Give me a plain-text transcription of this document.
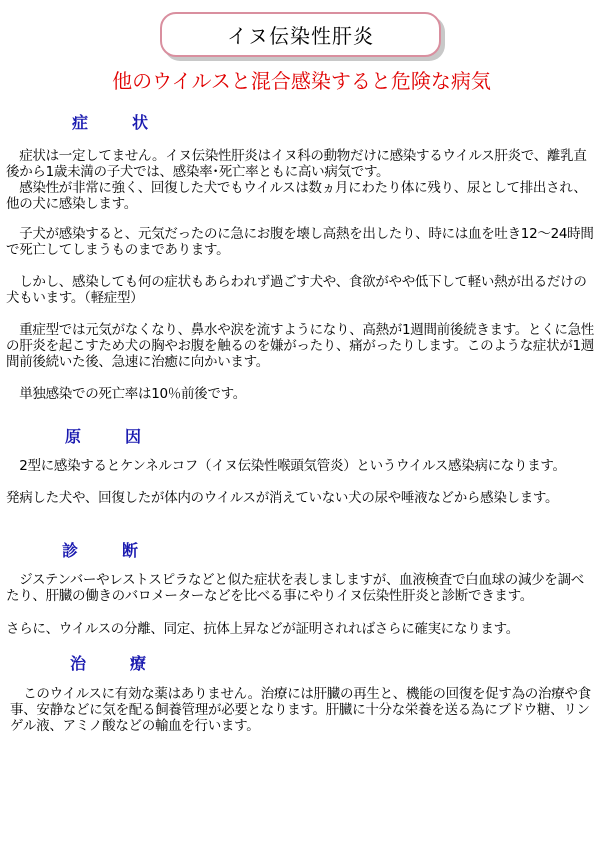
イヌ伝染性肝炎
他のウイルスと混合感染すると危険な病気
症　状

　症状は一定してません。イヌ伝染性肝炎はイヌ科の動物だけに感染するウイルス肝炎で、離乳直後から1歳未満の子犬では、感染率･死亡率ともに高い病気です。

　感染性が非常に強く、回復した犬でもウイルスは数ヵ月にわたり体に残り、尿として排出され、他の犬に感染します。

　子犬が感染すると、元気だったのに急にお腹を壊し高熱を出したり、時には血を吐き12～24時間で死亡してしまうものまであります。

　しかし、感染しても何の症状もあらわれず過ごす犬や、食欲がやや低下して軽い熱が出るだけの犬もいます。（軽症型）

　重症型では元気がなくなり、鼻水や涙を流すようになり、高熱が1週間前後続きます。とくに急性の肝炎を起こすため犬の胸やお腹を触るのを嫌がったり、痛がったりします。このような症状が1週間前後続いた後、急速に治癒に向かいます。

　単独感染での死亡率は10％前後です。

原　因

　2型に感染するとケンネルコフ（イヌ伝染性喉頭気管炎）というウイルス感染病になります。

発病した犬や、回復したが体内のウイルスが消えていない犬の尿や唾液などから感染します。

診　断

　ジステンバーやレストスピラなどと似た症状を表しましますが、血液検査で白血球の減少を調べたり、肝臓の働きのバロメーターなどを比べる事にやりイヌ伝染性肝炎と診断できます。

さらに、ウイルスの分離、同定、抗体上昇などが証明されればさらに確実になります。

治　療

　このウイルスに有効な薬はありません。治療には肝臓の再生と、機能の回復を促す為の治療や食事、安静などに気を配る飼養管理が必要となります。肝臓に十分な栄養を送る為にブドウ糖、リンゲル液、アミノ酸などの輸血を行います。
